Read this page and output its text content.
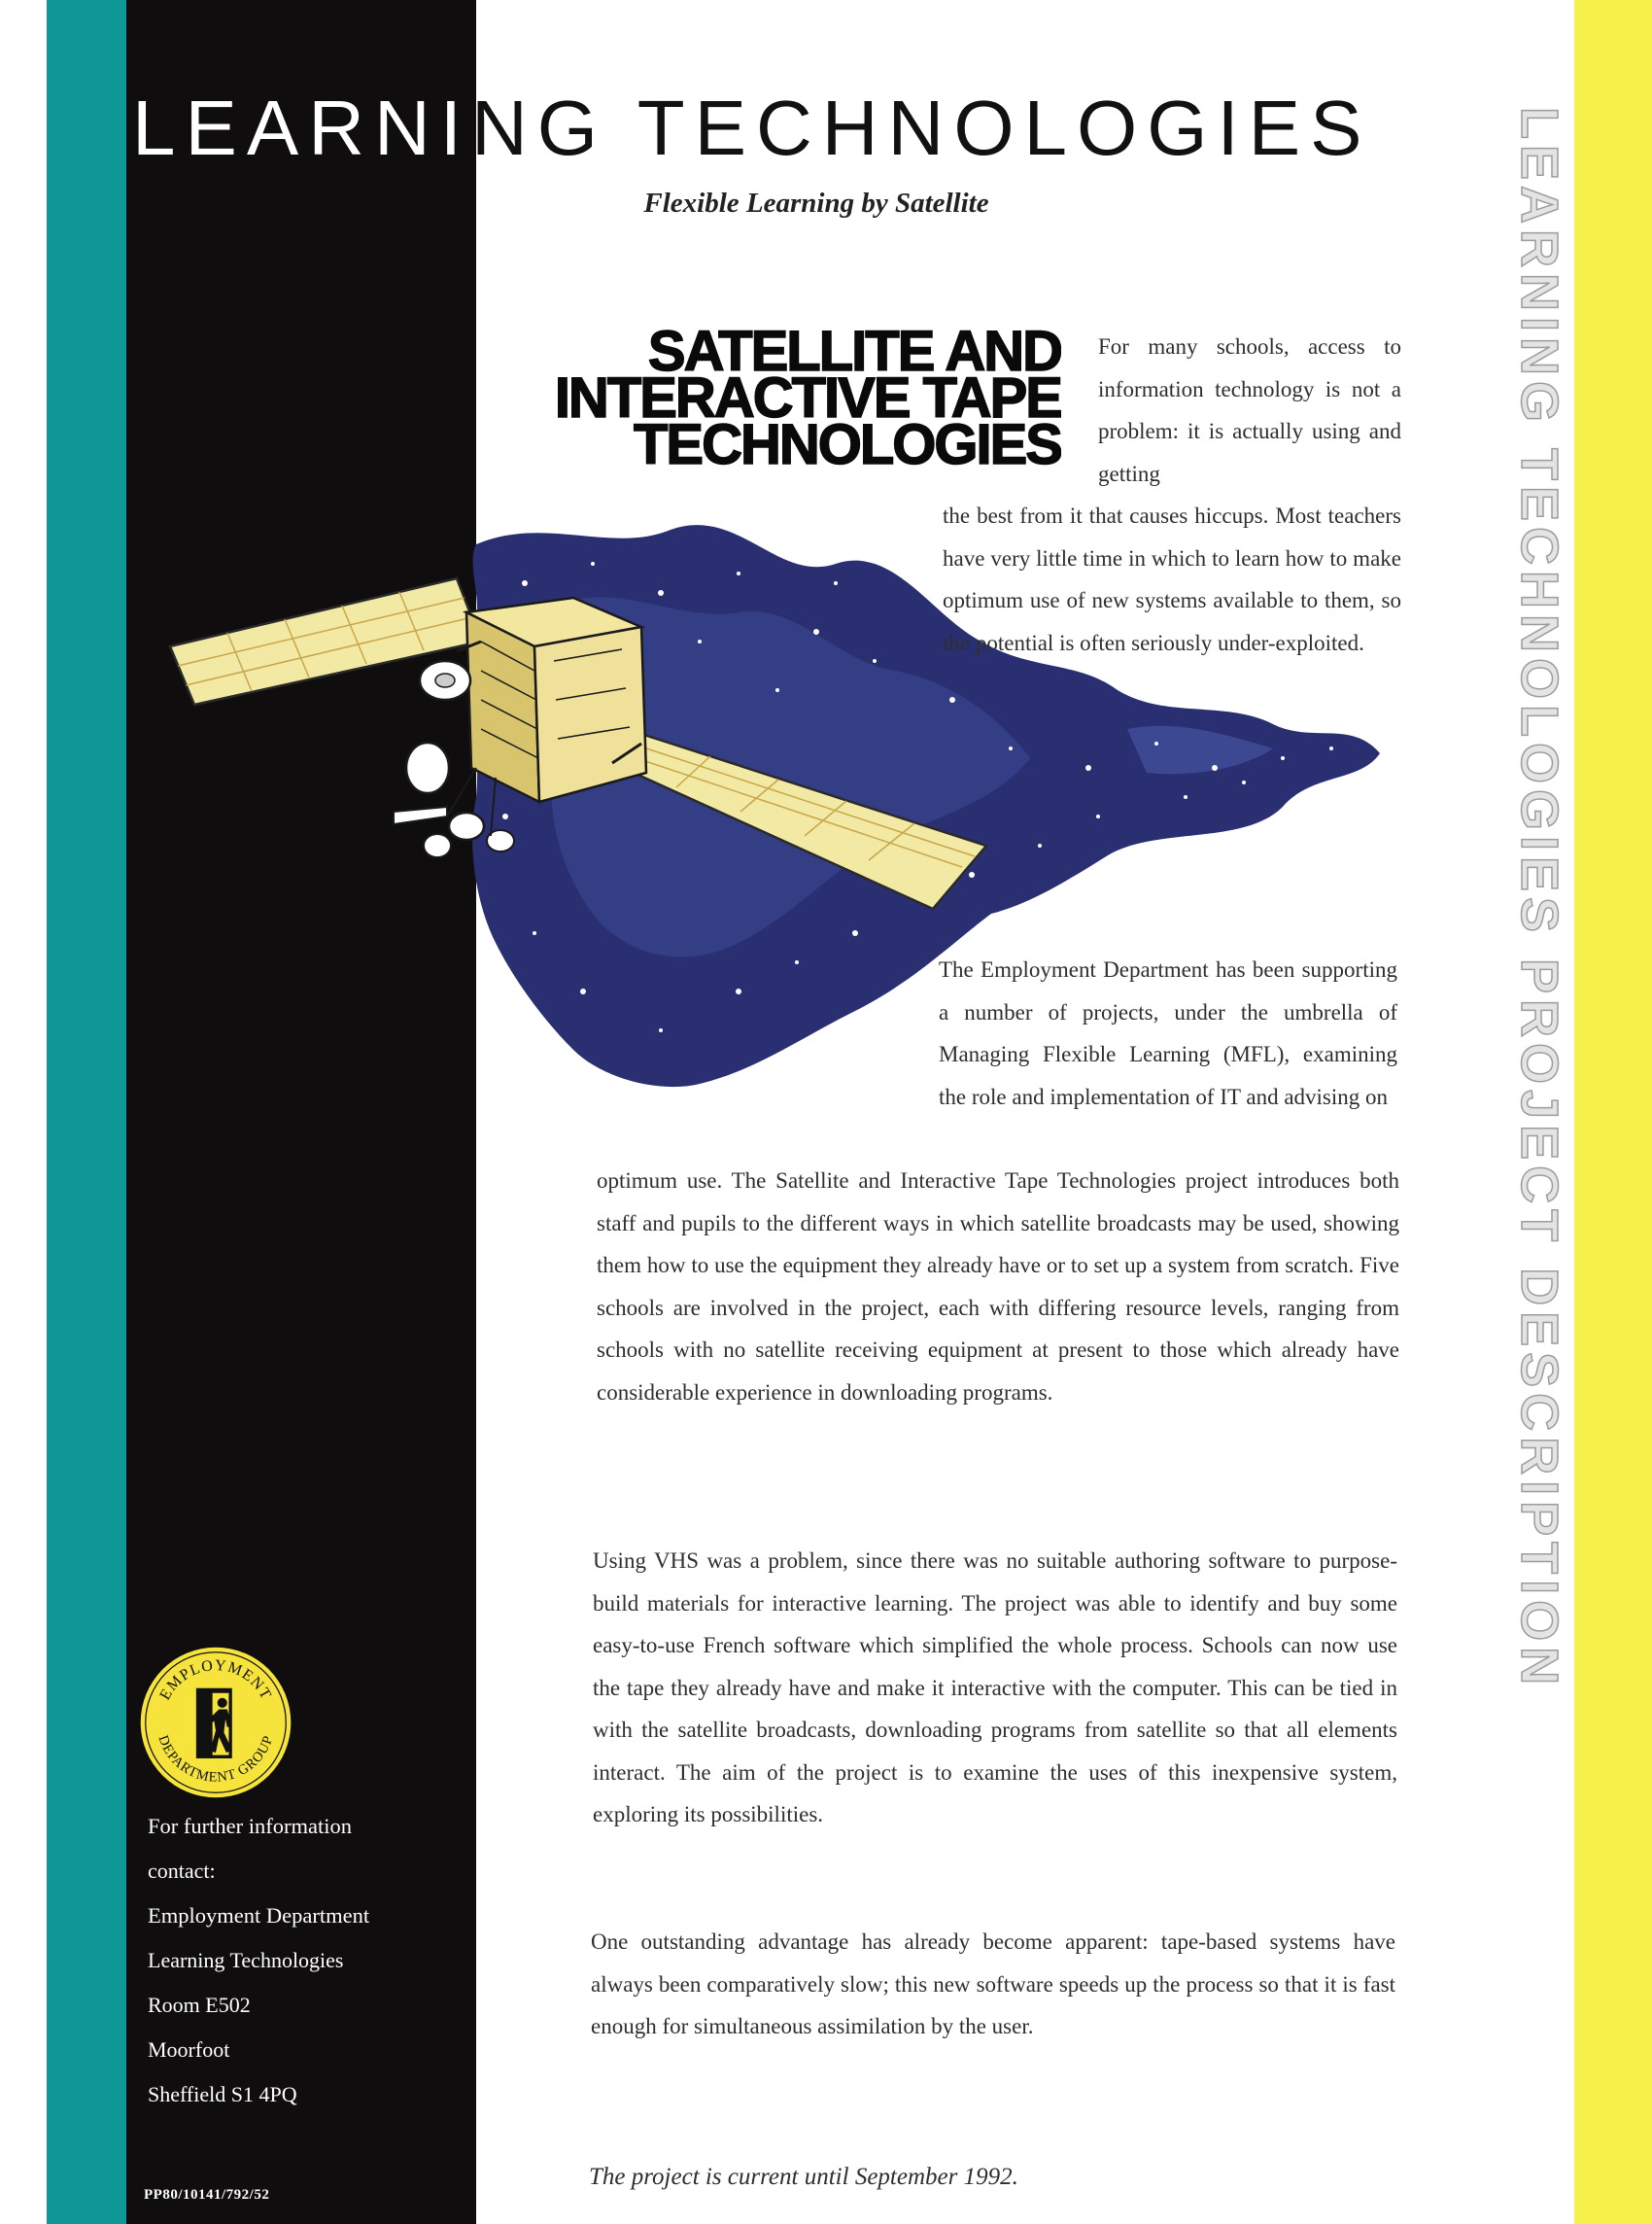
LEARNING TECHNOLOGIES
Flexible Learning by Satellite
SATELLITE AND
INTERACTIVE TAPE
TECHNOLOGIES	LEARNING TECHNOLOGIES PROJECT DESCRIPTION

For many schools, access to information technology is not a problem: it is actually using and getting

the best from it that causes hiccups. Most teachers have very little time in which to learn how to make optimum use of new systems available to them, so the potential is often seriously under-exploited.

The Employment Department has been supporting a number of projects, under the umbrella of Managing Flexible Learning (MFL), examining the role and implementation of IT and advising on

optimum use. The Satellite and Interactive Tape Technologies project introduces both staff and pupils to the different ways in which satellite broadcasts may be used, showing them how to use the equipment they already have or to set up a system from scratch. Five schools are involved in the project, each with differing resource levels, ranging from schools with no satellite receiving equipment at present to those which already have considerable experience in downloading programs.

Using VHS was a problem, since there was no suitable authoring software to purpose-build materials for interactive learning. The project was able to identify and buy some easy-to-use French software which simplified the whole process. Schools can now use the tape they already have and make it interactive with the computer. This can be tied in with the satellite broadcasts, downloading programs from satellite so that all elements interact. The aim of the project is to examine the uses of this inexpensive system, exploring its possibilities.

One outstanding advantage has already become apparent: tape-based systems have always been comparatively slow; this new software speeds up the process so that it is fast enough for simultaneous assimilation by the user.

The project is current until September 1992.

EMPLOYMENT
DEPARTMENT GROUP
For further information
contact:
Employment Department
Learning Technologies
Room E502
Moorfoot
Sheffield S1 4PQ
PP80/10141/792/52
